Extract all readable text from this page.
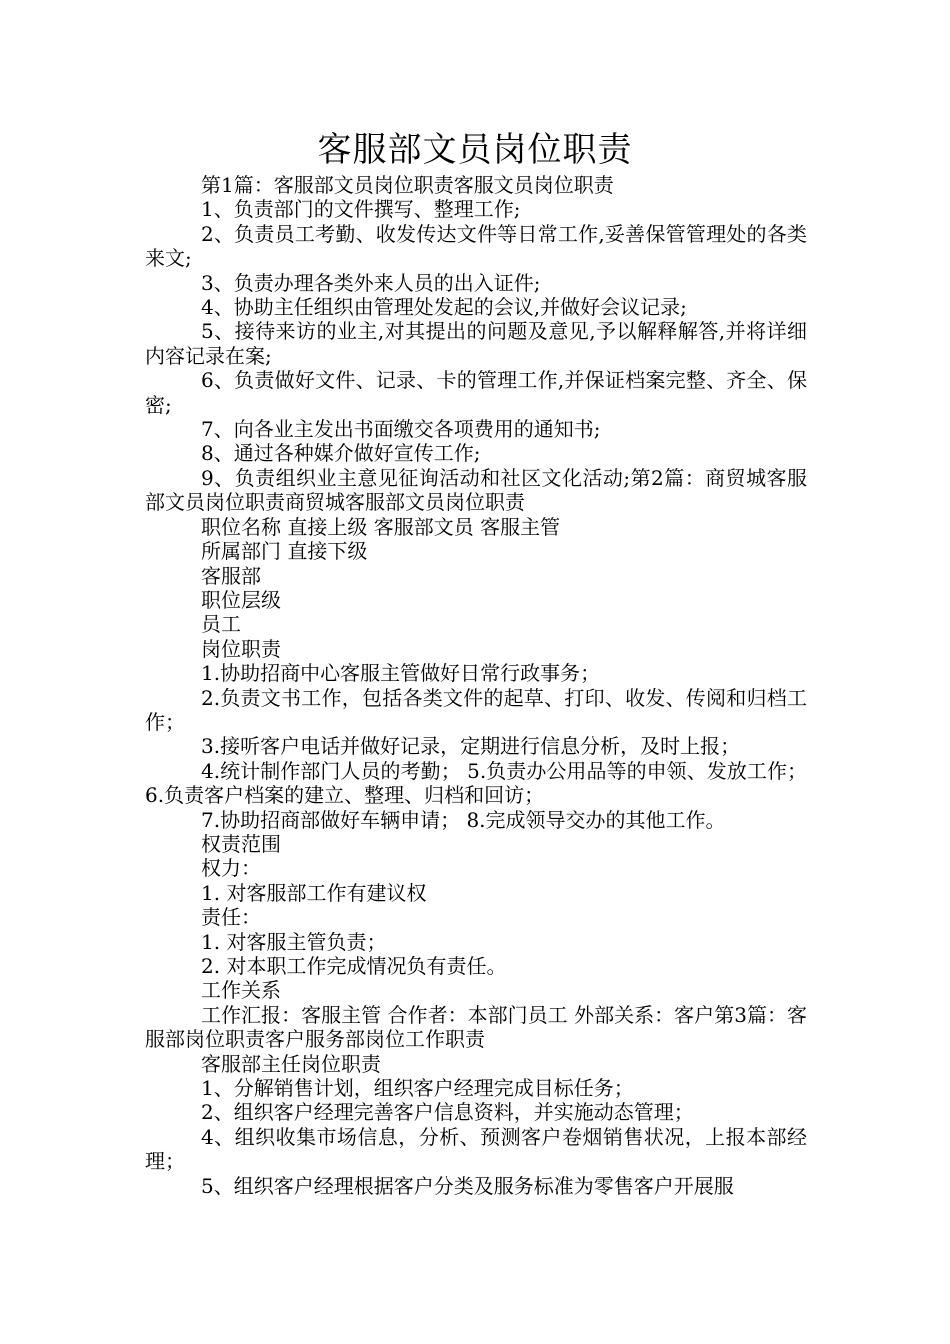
客服部文员岗位职责

第1篇：客服部文员岗位职责客服文员岗位职责

1、负责部门的文件撰写、整理工作;

2、负责员工考勤、收发传达文件等日常工作,妥善保管管理处的各类来文;

3、负责办理各类外来人员的出入证件;

4、协助主任组织由管理处发起的会议,并做好会议记录;

5、接待来访的业主,对其提出的问题及意见,予以解释解答,并将详细内容记录在案;

6、负责做好文件、记录、卡的管理工作,并保证档案完整、齐全、保密;

7、向各业主发出书面缴交各项费用的通知书;

8、通过各种媒介做好宣传工作;

9、负责组织业主意见征询活动和社区文化活动;第2篇：商贸城客服部文员岗位职责商贸城客服部文员岗位职责

职位名称 直接上级 客服部文员 客服主管

所属部门 直接下级

客服部

职位层级

员工

岗位职责

1.协助招商中心客服主管做好日常行政事务；

2.负责文书工作，包括各类文件的起草、打印、收发、传阅和归档工作；

3.接听客户电话并做好记录，定期进行信息分析，及时上报；

4.统计制作部门人员的考勤； 5.负责办公用品等的申领、发放工作； 6.负责客户档案的建立、整理、归档和回访；

7.协助招商部做好车辆申请； 8.完成领导交办的其他工作。

权责范围

权力：

1. 对客服部工作有建议权

责任：

1. 对客服主管负责；

2. 对本职工作完成情况负有责任。

工作关系

工作汇报：客服主管 合作者：本部门员工 外部关系：客户第3篇：客服部岗位职责客户服务部岗位工作职责

客服部主任岗位职责

1、分解销售计划，组织客户经理完成目标任务；

2、组织客户经理完善客户信息资料，并实施动态管理；

4、组织收集市场信息，分析、预测客户卷烟销售状况，上报本部经理；

5、组织客户经理根据客户分类及服务标准为零售客户开展服
